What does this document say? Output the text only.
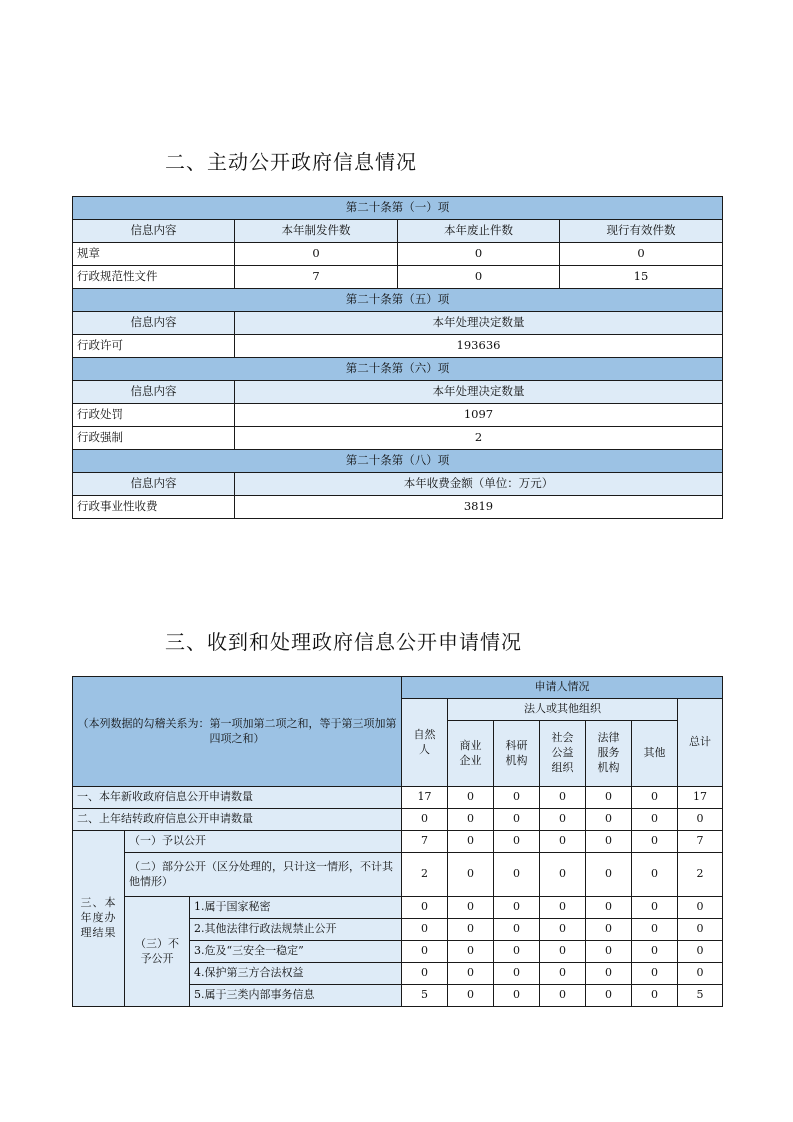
二、主动公开政府信息情况
第二十条第（一）项			
信息内容	本年制发件数	本年废止件数	现行有效件数
规章	0	0	0
行政规范性文件	7	0	15
第二十条第（五）项			
信息内容	本年处理决定数量		
行政许可	193636		
第二十条第（六）项			
信息内容	本年处理决定数量		
行政处罚	1097		
行政强制	2		
第二十条第（八）项			
信息内容	本年收费金额（单位：万元）		
行政事业性收费	3819		
三、收到和处理政府信息公开申请情况
（本列数据的勾稽关系为：第一项加第二项之和，等于第三项加第四项之和）			申请人情况						
			自然人	法人或其他组织					总计
				商业企业	科研机构	社会公益组织	法律服务机构	其他	
一、本年新收政府信息公开申请数量			17	0	0	0	0	0	17
二、上年结转政府信息公开申请数量			0	0	0	0	0	0	0
三、本年度办理结果	（一）予以公开		7	0	0	0	0	0	7
	（二）部分公开（区分处理的，只计这一情形，不计其他情形）		2	0	0	0	0	0	2
	（三）不予公开	1.属于国家秘密	0	0	0	0	0	0	0
		2.其他法律行政法规禁止公开	0	0	0	0	0	0	0
		3.危及“三安全一稳定”	0	0	0	0	0	0	0
		4.保护第三方合法权益	0	0	0	0	0	0	0
		5.属于三类内部事务信息	5	0	0	0	0	0	5
